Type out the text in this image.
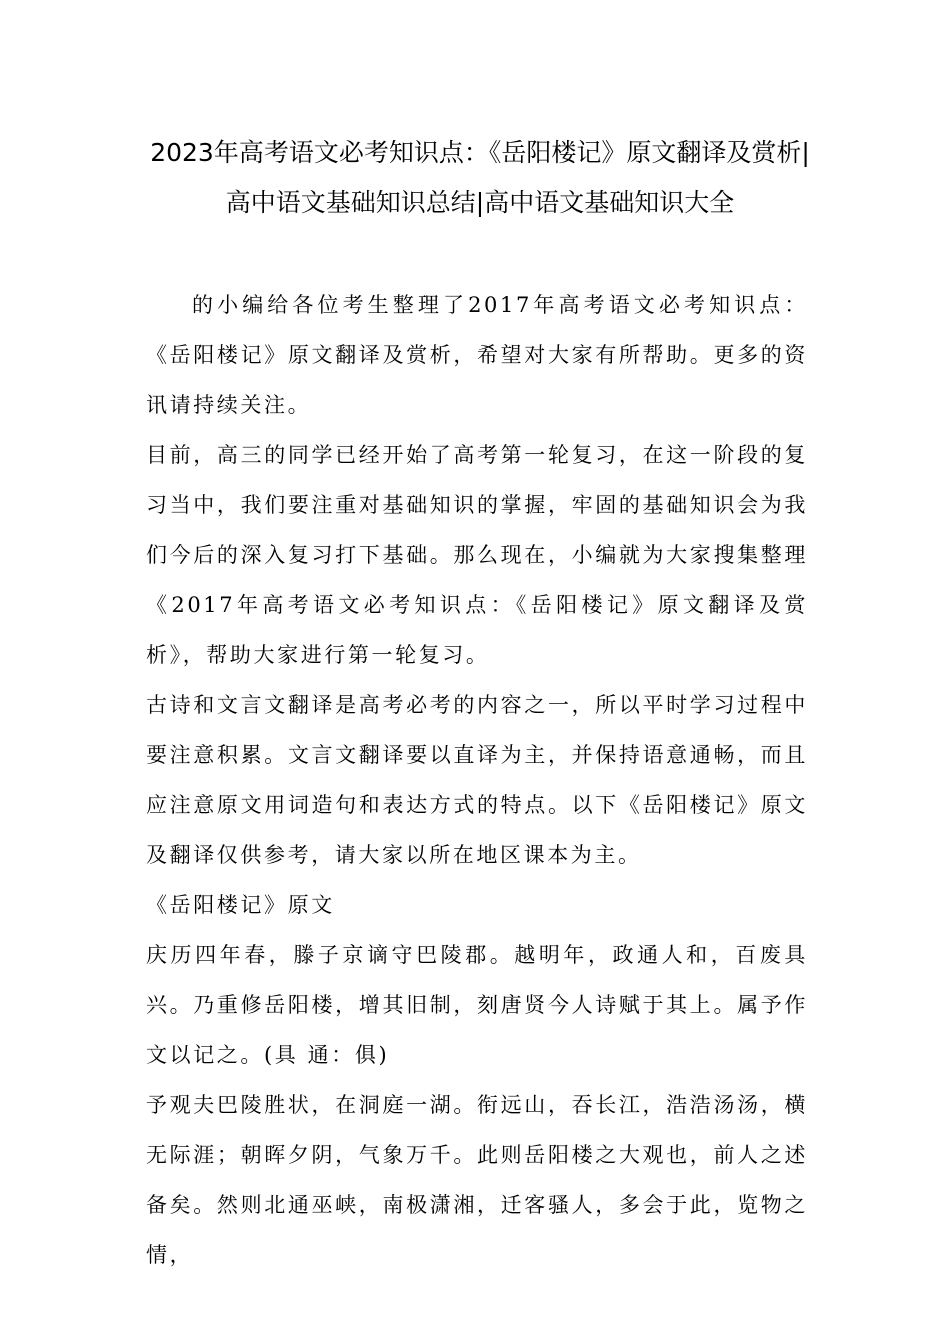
2023年高考语文必考知识点：《岳阳楼记》原文翻译及赏析|高中语文基础知识总结|高中语文基础知识大全

的小编给各位考生整理了2017年高考语文必考知识点：《岳阳楼记》原文翻译及赏析，希望对大家有所帮助。更多的资讯请持续关注。

目前，高三的同学已经开始了高考第一轮复习，在这一阶段的复习当中，我们要注重对基础知识的掌握，牢固的基础知识会为我们今后的深入复习打下基础。那么现在，小编就为大家搜集整理《2017年高考语文必考知识点：《岳阳楼记》原文翻译及赏析》，帮助大家进行第一轮复习。

古诗和文言文翻译是高考必考的内容之一，所以平时学习过程中要注意积累。文言文翻译要以直译为主，并保持语意通畅，而且应注意原文用词造句和表达方式的特点。以下《岳阳楼记》原文及翻译仅供参考，请大家以所在地区课本为主。

《岳阳楼记》原文

庆历四年春，滕子京谪守巴陵郡。越明年，政通人和，百废具兴。乃重修岳阳楼，增其旧制，刻唐贤今人诗赋于其上。属予作文以记之。(具 通：俱)

予观夫巴陵胜状，在洞庭一湖。衔远山，吞长江，浩浩汤汤，横无际涯；朝晖夕阴，气象万千。此则岳阳楼之大观也，前人之述备矣。然则北通巫峡，南极潇湘，迁客骚人，多会于此，览物之情，
